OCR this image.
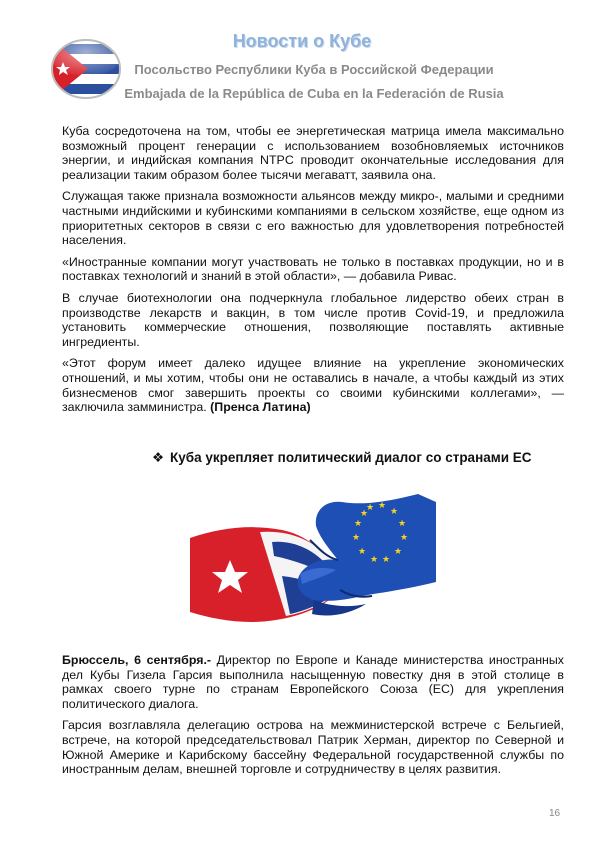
Новости о Кубе
Посольство Республики Куба в Российской Федерации
Embajada de la República de Cuba en la Federación de Rusia

Куба сосредоточена на том, чтобы ее энергетическая матрица имела максимально возможный процент генерации с использованием возобновляемых источников энергии, и индийская компания NTPC проводит окончательные исследования для реализации таким образом более тысячи мегаватт, заявила она.

Служащая также признала возможности альянсов между микро-, малыми и средними частными индийскими и кубинскими компаниями в сельском хозяйстве, еще одном из приоритетных секторов в связи с его важностью для удовлетворения потребностей населения.

«Иностранные компании могут участвовать не только в поставках продукции, но и в поставках технологий и знаний в этой области», — добавила Ривас.

В случае биотехнологии она подчеркнула глобальное лидерство обеих стран в производстве лекарств и вакцин, в том числе против Covid-19, и предложила установить коммерческие отношения, позволяющие поставлять активные ингредиенты.

«Этот форум имеет далеко идущее влияние на укрепление экономических отношений, и мы хотим, чтобы они не оставались в начале, а чтобы каждый из этих бизнесменов смог завершить проекты со своими кубинскими коллегами», — заключила замминистра. (Пренса Латина)

❖ Куба укрепляет политический диалог со странами ЕС
★ ★
★
★
★
★
★
★
★
★
★
★

Брюссель, 6 сентября.- Директор по Европе и Канаде министерства иностранных дел Кубы Гизела Гарсия выполнила насыщенную повестку дня в этой столице в рамках своего турне по странам Европейского Союза (ЕС) для укрепления политического диалога.

Гарсия возглавляла делегацию острова на межминистерской встрече с Бельгией, встрече, на которой председательствовал Патрик Херман, директор по Северной и Южной Америке и Карибскому бассейну Федеральной государственной службы по иностранным делам, внешней торговле и сотрудничеству в целях развития.

16
